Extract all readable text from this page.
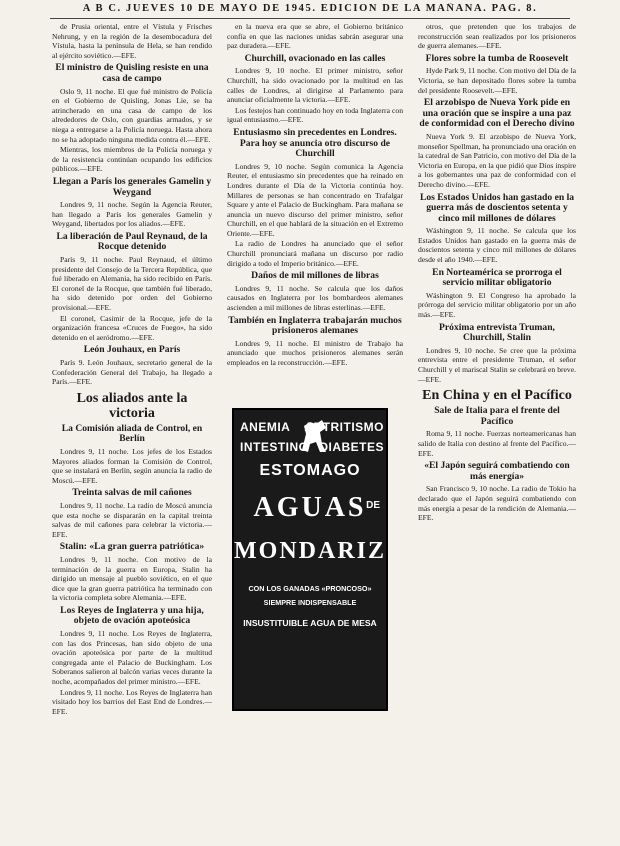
A B C. JUEVES 10 DE MAYO DE 1945. EDICION DE LA MAÑANA. PAG. 8.

de Prusia oriental, entre el Vístula y Frisches Nehrung, y en la región de la desembocadura del Vístula, hasta la península de Hela, se han rendido al ejército soviético.—EFE.

El ministro de Quisling resiste en una casa de campo

Oslo 9, 11 noche. El que fué ministro de Policía en el Gobierno de Quisling, Jonas Lie, se ha atrincherado en una casa de campo de los alrededores de Oslo, con guardias armados, y se niega a entregarse a la Policía noruega. Hasta ahora no se ha adoptado ninguna medida contra él.—EFE.

Mientras, los miembros de la Policía noruega y de la resistencia continúan ocupando los edificios públicos.—EFE.

Llegan a París los generales Gamelin y Weygand

Londres 9, 11 noche. Según la Agencia Reuter, han llegado a París los generales Gamelin y Weygand, libertados por los aliados.—EFE.

La liberación de Paul Reynaud, de la Rocque detenido

París 9, 11 noche. Paul Reynaud, el último presidente del Consejo de la Tercera República, que fué liberado en Alemania, ha sido recibido en París. El coronel de la Rocque, que también fué liberado, ha sido detenido por orden del Gobierno provisional.—EFE.

El coronel, Casimir de la Rocque, jefe de la organización francesa «Cruces de Fuego», ha sido detenido en el aeródromo.—EFE.

León Jouhaux, en París

París 9. León Jouhaux, secretario general de la Confederación General del Trabajo, ha llegado a París.—EFE.

Los aliados ante la victoria
La Comisión aliada de Control, en Berlín

Londres 9, 11 noche. Los jefes de los Estados Mayores aliados forman la Comisión de Control, que se instalará en Berlín, según anuncia la radio de Moscú.—EFE.

Treinta salvas de mil cañones

Londres 9, 11 noche. La radio de Moscú anuncia que esta noche se dispararán en la capital treinta salvas de mil cañones para celebrar la victoria.—EFE.

Stalin: «La gran guerra patriótica»

Londres 9, 11 noche. Con motivo de la terminación de la guerra en Europa, Stalin ha dirigido un mensaje al pueblo soviético, en el que dice que la gran guerra patriótica ha terminado con la victoria completa sobre Alemania.—EFE.

Los Reyes de Inglaterra y una hija, objeto de ovación apoteósica

Londres 9, 11 noche. Los Reyes de Inglaterra, con las dos Princesas, han sido objeto de una ovación apoteósica por parte de la multitud congregada ante el Palacio de Buckingham. Los Soberanos salieron al balcón varias veces durante la noche, acompañados del primer ministro.—EFE.

Londres 9, 11 noche. Los Reyes de Inglaterra han visitado hoy los barrios del East End de Londres.—EFE.

en la nueva era que se abre, el Gobierno británico confía en que las naciones unidas sabrán asegurar una paz duradera.—EFE.

Churchill, ovacionado en las calles

Londres 9, 10 noche. El primer ministro, señor Churchill, ha sido ovacionado por la multitud en las calles de Londres, al dirigirse al Parlamento para anunciar oficialmente la victoria.—EFE.

Los festejos han continuado hoy en toda Inglaterra con igual entusiasmo.—EFE.

Entusiasmo sin precedentes en Londres. Para hoy se anuncia otro discurso de Churchill

Londres 9, 10 noche. Según comunica la Agencia Reuter, el entusiasmo sin precedentes que ha reinado en Londres durante el Día de la Victoria continúa hoy. Millares de personas se han concentrado en Trafalgar Square y ante el Palacio de Buckingham. Para mañana se anuncia un nuevo discurso del primer ministro, señor Churchill, en el que hablará de la situación en el Extremo Oriente.—EFE.

La radio de Londres ha anunciado que el señor Churchill pronunciará mañana un discurso por radio dirigido a todo el Imperio británico.—EFE.

Daños de mil millones de libras

Londres 9, 11 noche. Se calcula que los daños causados en Inglaterra por los bombardeos alemanes ascienden a mil millones de libras esterlinas.—EFE.

También en Inglaterra trabajarán muchos prisioneros alemanes

Londres 9, 11 noche. El ministro de Trabajo ha anunciado que muchos prisioneros alemanes serán empleados en la reconstrucción.—EFE.

otros, que pretenden que los trabajos de reconstrucción sean realizados por los prisioneros de guerra alemanes.—EFE.

Flores sobre la tumba de Roosevelt

Hyde Park 9, 11 noche. Con motivo del Día de la Victoria, se han depositado flores sobre la tumba del presidente Roosevelt.—EFE.

El arzobispo de Nueva York pide en una oración que se inspire a una paz de conformidad con el Derecho divino

Nueva York 9. El arzobispo de Nueva York, monseñor Spellman, ha pronunciado una oración en la catedral de San Patricio, con motivo del Día de la Victoria en Europa, en la que pidió que Dios inspire a los gobernantes una paz de conformidad con el Derecho divino.—EFE.

Los Estados Unidos han gastado en la guerra más de doscientos setenta y cinco mil millones de dólares

Wáshington 9, 11 noche. Se calcula que los Estados Unidos han gastado en la guerra más de doscientos setenta y cinco mil millones de dólares desde el año 1940.—EFE.

En Norteamérica se prorroga el servicio militar obligatorio

Wáshington 9. El Congreso ha aprobado la prórroga del servicio militar obligatorio por un año más.—EFE.

Próxima entrevista Truman, Churchill, Stalin

Londres 9, 10 noche. Se cree que la próxima entrevista entre el presidente Truman, el señor Churchill y el mariscal Stalin se celebrará en breve.—EFE.

En China y en el Pacífico
Sale de Italia para el frente del Pacífico

Roma 9, 11 noche. Fuerzas norteamericanas han salido de Italia con destino al frente del Pacífico.—EFE.

«El Japón seguirá combatiendo con más energía»

San Francisco 9, 10 noche. La radio de Tokio ha declarado que el Japón seguirá combatiendo con más energía a pesar de la rendición de Alemania.—EFE.

ANEMIA ARTRITISMO
INTESTINO DIABETES
ESTOMAGO
AGUAS DE
MONDARIZ
CON LOS GANADAS «PRONCOSO»
SIEMPRE INDISPENSABLE
INSUSTITUIBLE AGUA DE MESA
